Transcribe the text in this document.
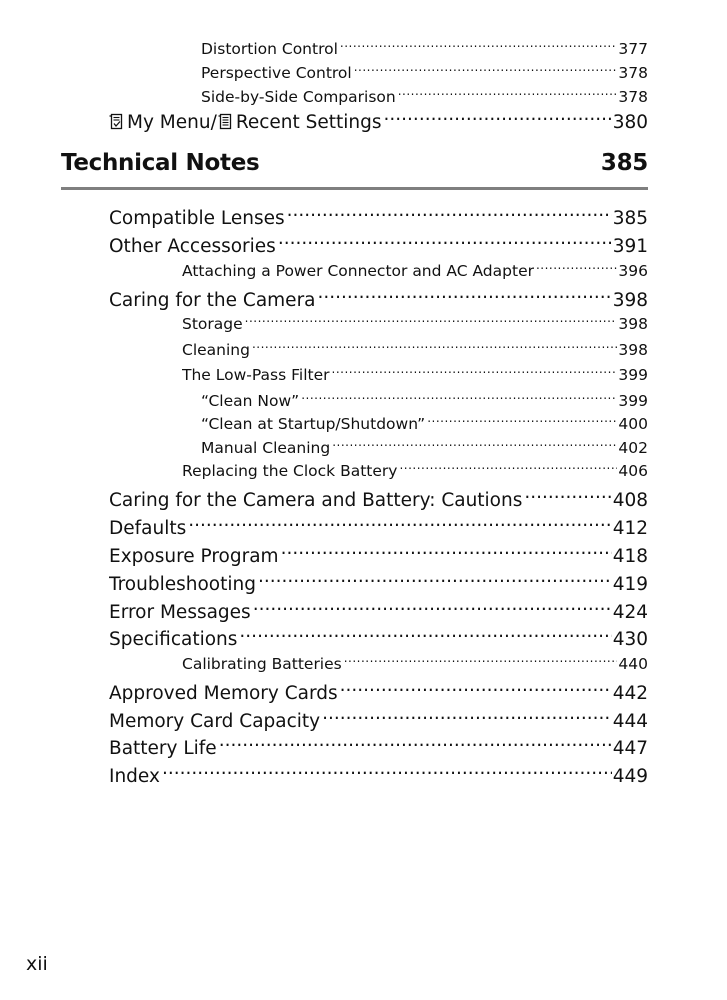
Distortion Control .....	377
Perspective Control .....	378
Side-by-Side Comparison .....	378
My Menu/ Recent Settings .....	380
Technical Notes	385
Compatible Lenses .....	385
Other Accessories .....	391
Attaching a Power Connector and AC Adapter .....	396
Caring for the Camera .....	398
Storage .....	398
Cleaning .....	398
The Low-Pass Filter .....	399
“Clean Now” .....	399
“Clean at Startup/Shutdown” .....	400
Manual Cleaning .....	402
Replacing the Clock Battery .....	406
Caring for the Camera and Battery: Cautions .....	408
Defaults .....	412
Exposure Program .....	418
Troubleshooting .....	419
Error Messages .....	424
Specifications .....	430
Calibrating Batteries .....	440
Approved Memory Cards .....	442
Memory Card Capacity .....	444
Battery Life .....	447
Index .....	449
xii
